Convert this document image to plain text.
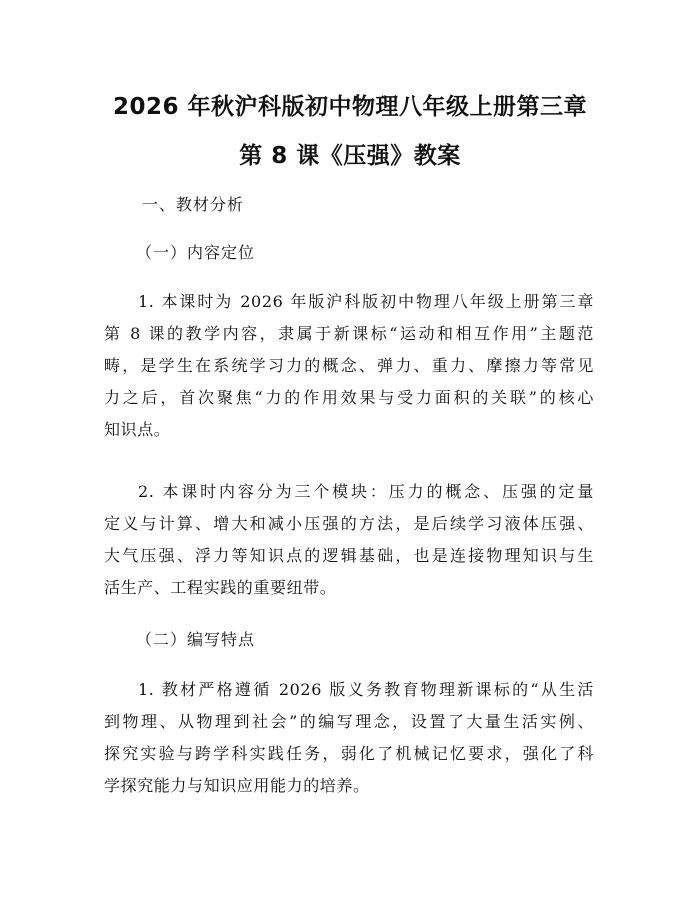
2026 年秋沪科版初中物理八年级上册第三章
第 8 课《压强》教案
一、教材分析
（一）内容定位
1. 本课时为 2026 年版沪科版初中物理八年级上册第三章
第 8 课的教学内容，隶属于新课标“运动和相互作用”主题范
畴，是学生在系统学习力的概念、弹力、重力、摩擦力等常见
力之后，首次聚焦“力的作用效果与受力面积的关联”的核心
知识点。
2. 本课时内容分为三个模块：压力的概念、压强的定量
定义与计算、增大和减小压强的方法，是后续学习液体压强、
大气压强、浮力等知识点的逻辑基础，也是连接物理知识与生
活生产、工程实践的重要纽带。
（二）编写特点
1. 教材严格遵循 2026 版义务教育物理新课标的“从生活
到物理、从物理到社会”的编写理念，设置了大量生活实例、
探究实验与跨学科实践任务，弱化了机械记忆要求，强化了科
学探究能力与知识应用能力的培养。
